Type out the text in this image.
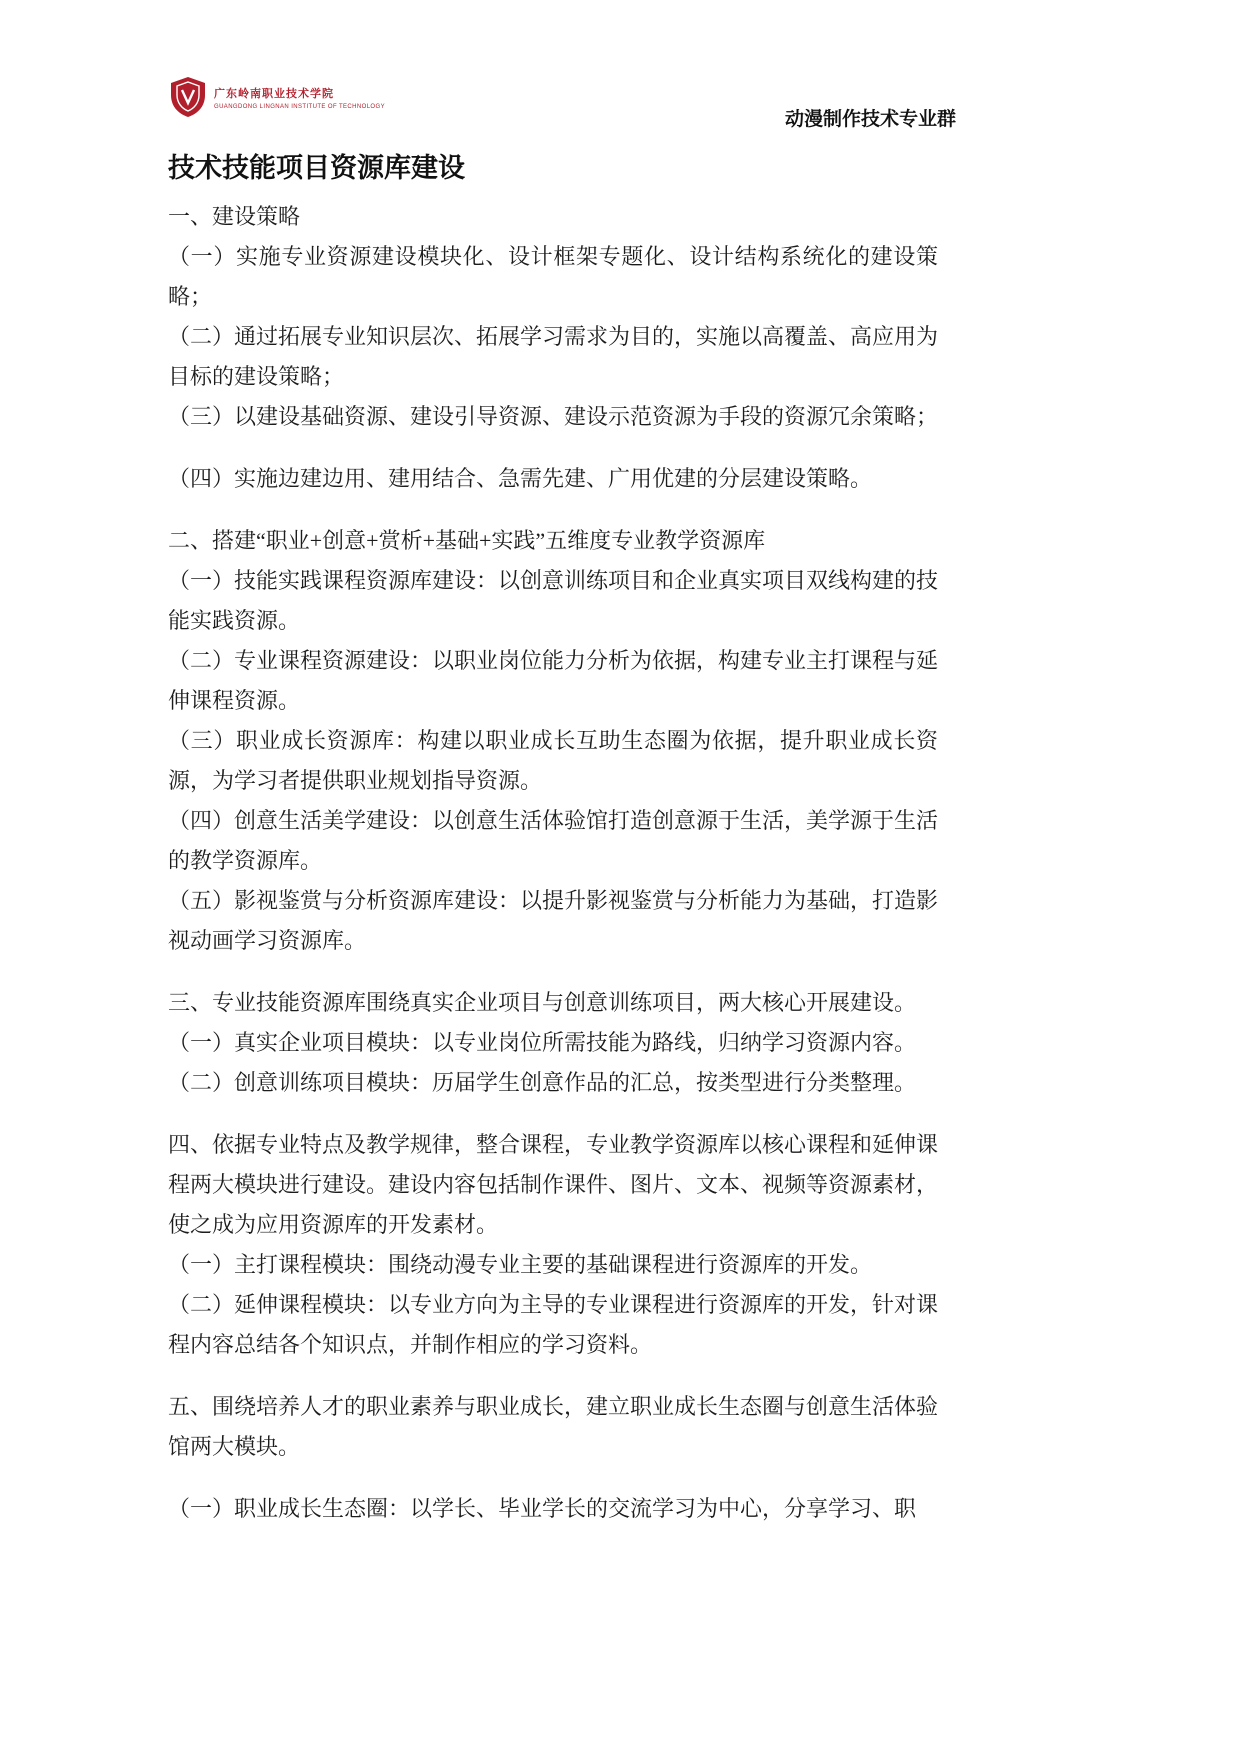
广东岭南职业技术学院
GUANGDONG LINGNAN INSTITUTE OF TECHNOLOGY
动漫制作技术专业群
技术技能项目资源库建设

一、建设策略

（一）实施专业资源建设模块化、设计框架专题化、设计结构系统化的建设策略；

（二）通过拓展专业知识层次、拓展学习需求为目的，实施以高覆盖、高应用为目标的建设策略；

（三）以建设基础资源、建设引导资源、建设示范资源为手段的资源冗余策略；

（四）实施边建边用、建用结合、急需先建、广用优建的分层建设策略。

二、搭建“职业+创意+赏析+基础+实践”五维度专业教学资源库

（一）技能实践课程资源库建设：以创意训练项目和企业真实项目双线构建的技能实践资源。

（二）专业课程资源建设：以职业岗位能力分析为依据，构建专业主打课程与延伸课程资源。

（三）职业成长资源库：构建以职业成长互助生态圈为依据，提升职业成长资源，为学习者提供职业规划指导资源。

（四）创意生活美学建设：以创意生活体验馆打造创意源于生活，美学源于生活的教学资源库。

（五）影视鉴赏与分析资源库建设：以提升影视鉴赏与分析能力为基础，打造影视动画学习资源库。

三、专业技能资源库围绕真实企业项目与创意训练项目，两大核心开展建设。

（一）真实企业项目模块：以专业岗位所需技能为路线，归纳学习资源内容。

（二）创意训练项目模块：历届学生创意作品的汇总，按类型进行分类整理。

四、依据专业特点及教学规律，整合课程，专业教学资源库以核心课程和延伸课程两大模块进行建设。建设内容包括制作课件、图片、文本、视频等资源素材，使之成为应用资源库的开发素材。

（一）主打课程模块：围绕动漫专业主要的基础课程进行资源库的开发。

（二）延伸课程模块：以专业方向为主导的专业课程进行资源库的开发，针对课程内容总结各个知识点，并制作相应的学习资料。

五、围绕培养人才的职业素养与职业成长，建立职业成长生态圈与创意生活体验馆两大模块。

（一）职业成长生态圈：以学长、毕业学长的交流学习为中心，分享学习、职
